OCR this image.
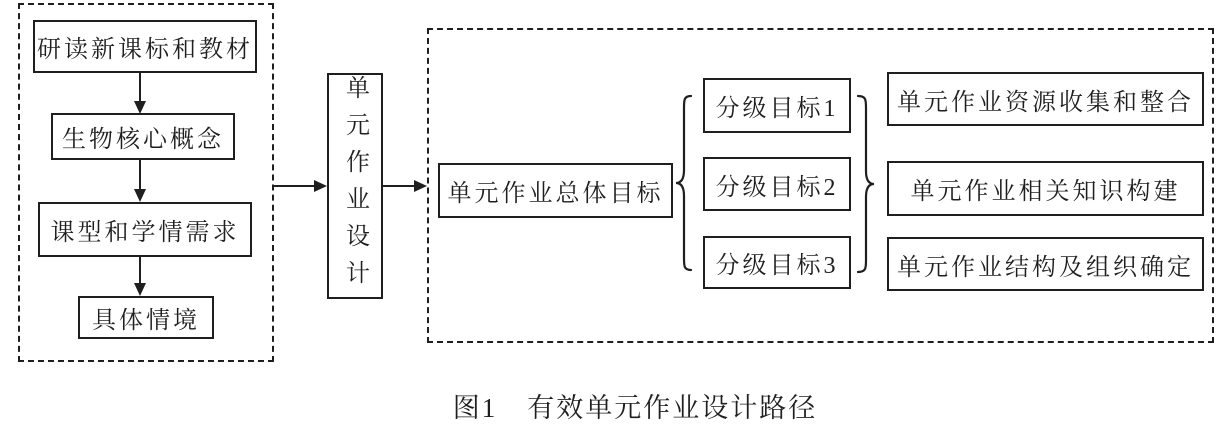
研读新课标和教材
生物核心概念
课型和学情需求
具体情境
单元作业设计	单元作业总体目标
分级目标1
分级目标2
分级目标3
单元作业资源收集和整合
单元作业相关知识构建
单元作业结构及组织确定
图1 有效单元作业设计路径
